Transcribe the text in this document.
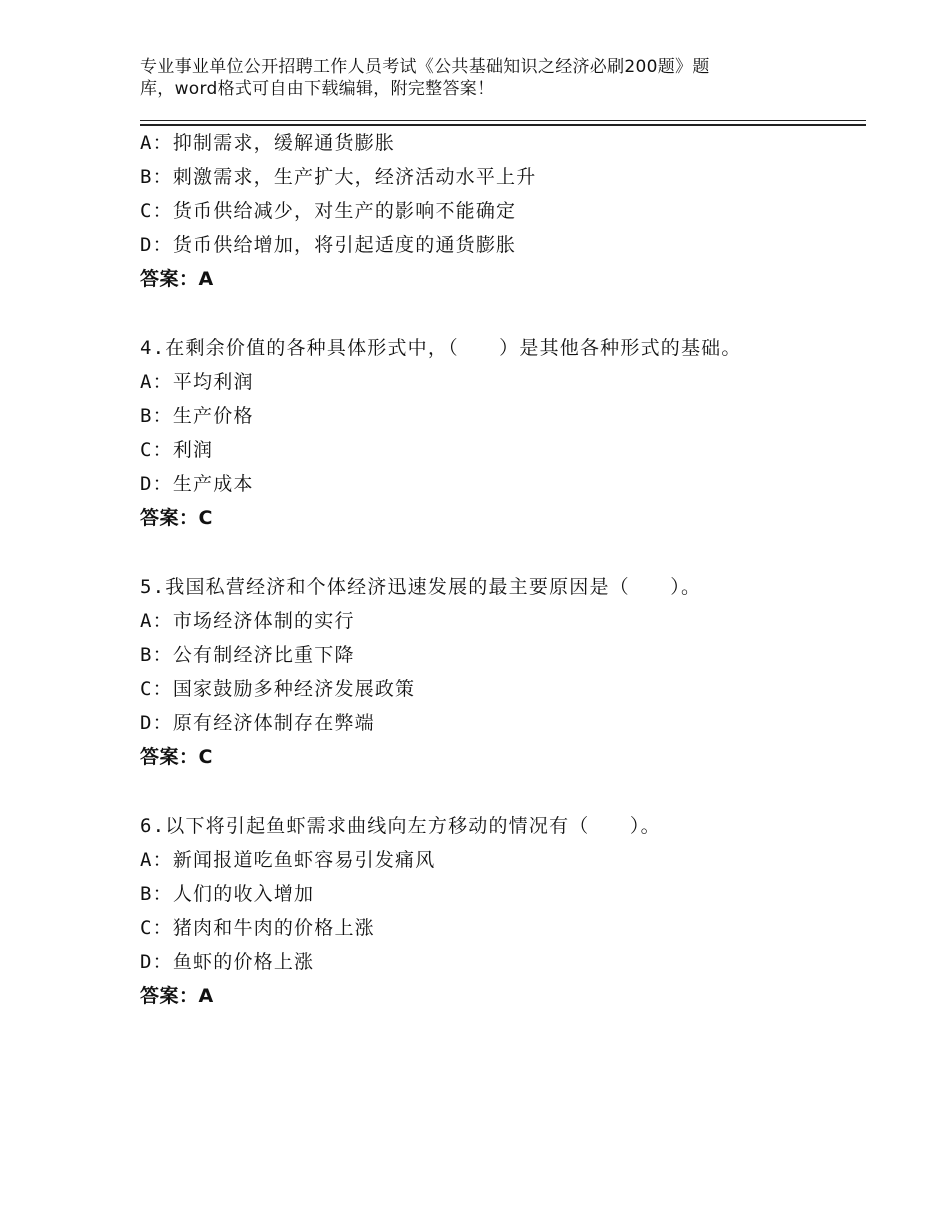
专业事业单位公开招聘工作人员考试《公共基础知识之经济必刷200题》题
库，word格式可自由下载编辑，附完整答案！
A：抑制需求，缓解通货膨胀
B：刺激需求，生产扩大，经济活动水平上升
C：货币供给减少，对生产的影响不能确定
D：货币供给增加，将引起适度的通货膨胀
答案：A
4.在剩余价值的各种具体形式中，（　　）是其他各种形式的基础。
A：平均利润
B：生产价格
C：利润
D：生产成本
答案：C
5.我国私营经济和个体经济迅速发展的最主要原因是（　　）。
A：市场经济体制的实行
B：公有制经济比重下降
C：国家鼓励多种经济发展政策
D：原有经济体制存在弊端
答案：C
6.以下将引起鱼虾需求曲线向左方移动的情况有（　　）。
A：新闻报道吃鱼虾容易引发痛风
B：人们的收入增加
C：猪肉和牛肉的价格上涨
D：鱼虾的价格上涨
答案：A
